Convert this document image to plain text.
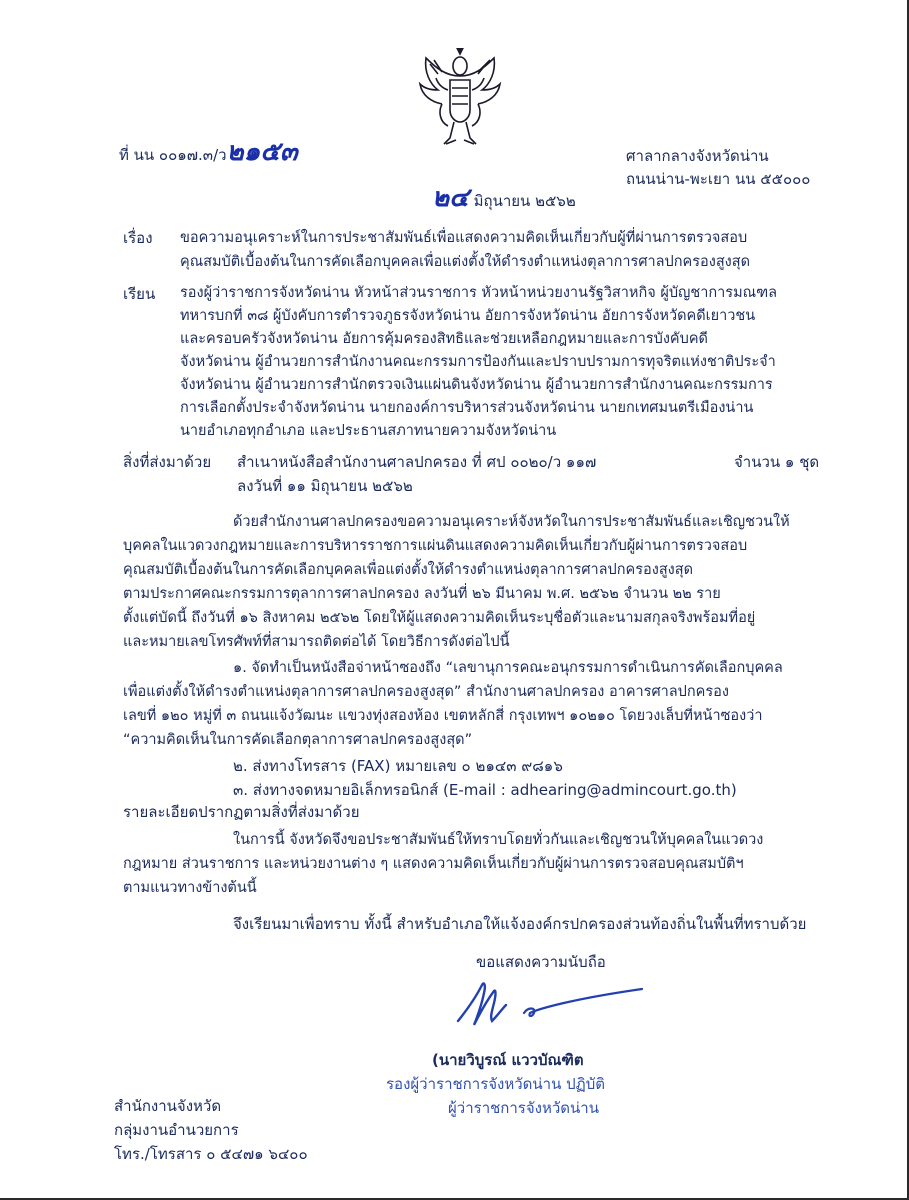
ที่ นน ๐๐๑๗.๓/ว๒๑๕๓	ศาลากลางจังหวัดน่าน
ถนนน่าน-พะเยา นน ๕๕๐๐๐
๒๔ มิถุนายน ๒๕๖๒
เรื่อง ขอความอนุเคราะห์ในการประชาสัมพันธ์เพื่อแสดงความคิดเห็นเกี่ยวกับผู้ที่ผ่านการตรวจสอบ
คุณสมบัติเบื้องต้นในการคัดเลือกบุคคลเพื่อแต่งตั้งให้ดำรงตำแหน่งตุลาการศาลปกครองสูงสุด
เรียน รองผู้ว่าราชการจังหวัดน่าน หัวหน้าส่วนราชการ หัวหน้าหน่วยงานรัฐวิสาหกิจ ผู้บัญชาการมณฑล
ทหารบกที่ ๓๘ ผู้บังคับการตำรวจภูธรจังหวัดน่าน อัยการจังหวัดน่าน อัยการจังหวัดคดีเยาวชน
และครอบครัวจังหวัดน่าน อัยการคุ้มครองสิทธิและช่วยเหลือกฎหมายและการบังคับคดี
จังหวัดน่าน ผู้อำนวยการสำนักงานคณะกรรมการป้องกันและปราบปรามการทุจริตแห่งชาติประจำ
จังหวัดน่าน ผู้อำนวยการสำนักตรวจเงินแผ่นดินจังหวัดน่าน ผู้อำนวยการสำนักงานคณะกรรมการ
การเลือกตั้งประจำจังหวัดน่าน นายกองค์การบริหารส่วนจังหวัดน่าน นายกเทศมนตรีเมืองน่าน
นายอำเภอทุกอำเภอ และประธานสภาทนายความจังหวัดน่าน
สิ่งที่ส่งมาด้วย สำเนาหนังสือสำนักงานศาลปกครอง ที่ ศป ๐๐๒๐/ว ๑๑๗
ลงวันที่ ๑๑ มิถุนายน ๒๕๖๒
จำนวน ๑ ชุด
ด้วยสำนักงานศาลปกครองขอความอนุเคราะห์จังหวัดในการประชาสัมพันธ์และเชิญชวนให้
บุคคลในแวดวงกฎหมายและการบริหารราชการแผ่นดินแสดงความคิดเห็นเกี่ยวกับผู้ผ่านการตรวจสอบ
คุณสมบัติเบื้องต้นในการคัดเลือกบุคคลเพื่อแต่งตั้งให้ดำรงตำแหน่งตุลาการศาลปกครองสูงสุด
ตามประกาศคณะกรรมการตุลาการศาลปกครอง ลงวันที่ ๒๖ มีนาคม พ.ศ. ๒๕๖๒ จำนวน ๒๒ ราย
ตั้งแต่บัดนี้ ถึงวันที่ ๑๖ สิงหาคม ๒๕๖๒ โดยให้ผู้แสดงความคิดเห็นระบุชื่อตัวและนามสกุลจริงพร้อมที่อยู่
และหมายเลขโทรศัพท์ที่สามารถติดต่อได้ โดยวิธีการดังต่อไปนี้
๑. จัดทำเป็นหนังสือจ่าหน้าซองถึง “เลขานุการคณะอนุกรรมการดำเนินการคัดเลือกบุคคล
เพื่อแต่งตั้งให้ดำรงตำแหน่งตุลาการศาลปกครองสูงสุด” สำนักงานศาลปกครอง อาคารศาลปกครอง
เลขที่ ๑๒๐ หมู่ที่ ๓ ถนนแจ้งวัฒนะ แขวงทุ่งสองห้อง เขตหลักสี่ กรุงเทพฯ ๑๐๒๑๐ โดยวงเล็บที่หน้าซองว่า
“ความคิดเห็นในการคัดเลือกตุลาการศาลปกครองสูงสุด”
๒. ส่งทางโทรสาร (FAX) หมายเลข ๐ ๒๑๔๓ ๙๘๑๖
๓. ส่งทางจดหมายอิเล็กทรอนิกส์ (E-mail : adhearing@admincourt.go.th)
รายละเอียดปรากฏตามสิ่งที่ส่งมาด้วย
ในการนี้ จังหวัดจึงขอประชาสัมพันธ์ให้ทราบโดยทั่วกันและเชิญชวนให้บุคคลในแวดวง
กฎหมาย ส่วนราชการ และหน่วยงานต่าง ๆ แสดงความคิดเห็นเกี่ยวกับผู้ผ่านการตรวจสอบคุณสมบัติฯ
ตามแนวทางข้างต้นนี้
จึงเรียนมาเพื่อทราบ ทั้งนี้ สำหรับอำเภอให้แจ้งองค์กรปกครองส่วนท้องถิ่นในพื้นที่ทราบด้วย
ขอแสดงความนับถือ
(นายวิบูรณ์ แววบัณฑิต
รองผู้ว่าราชการจังหวัดน่าน ปฏิบัติ
ผู้ว่าราชการจังหวัดน่าน
สำนักงานจังหวัด
กลุ่มงานอำนวยการ
โทร./โทรสาร ๐ ๕๔๗๑ ๖๔๐๐
